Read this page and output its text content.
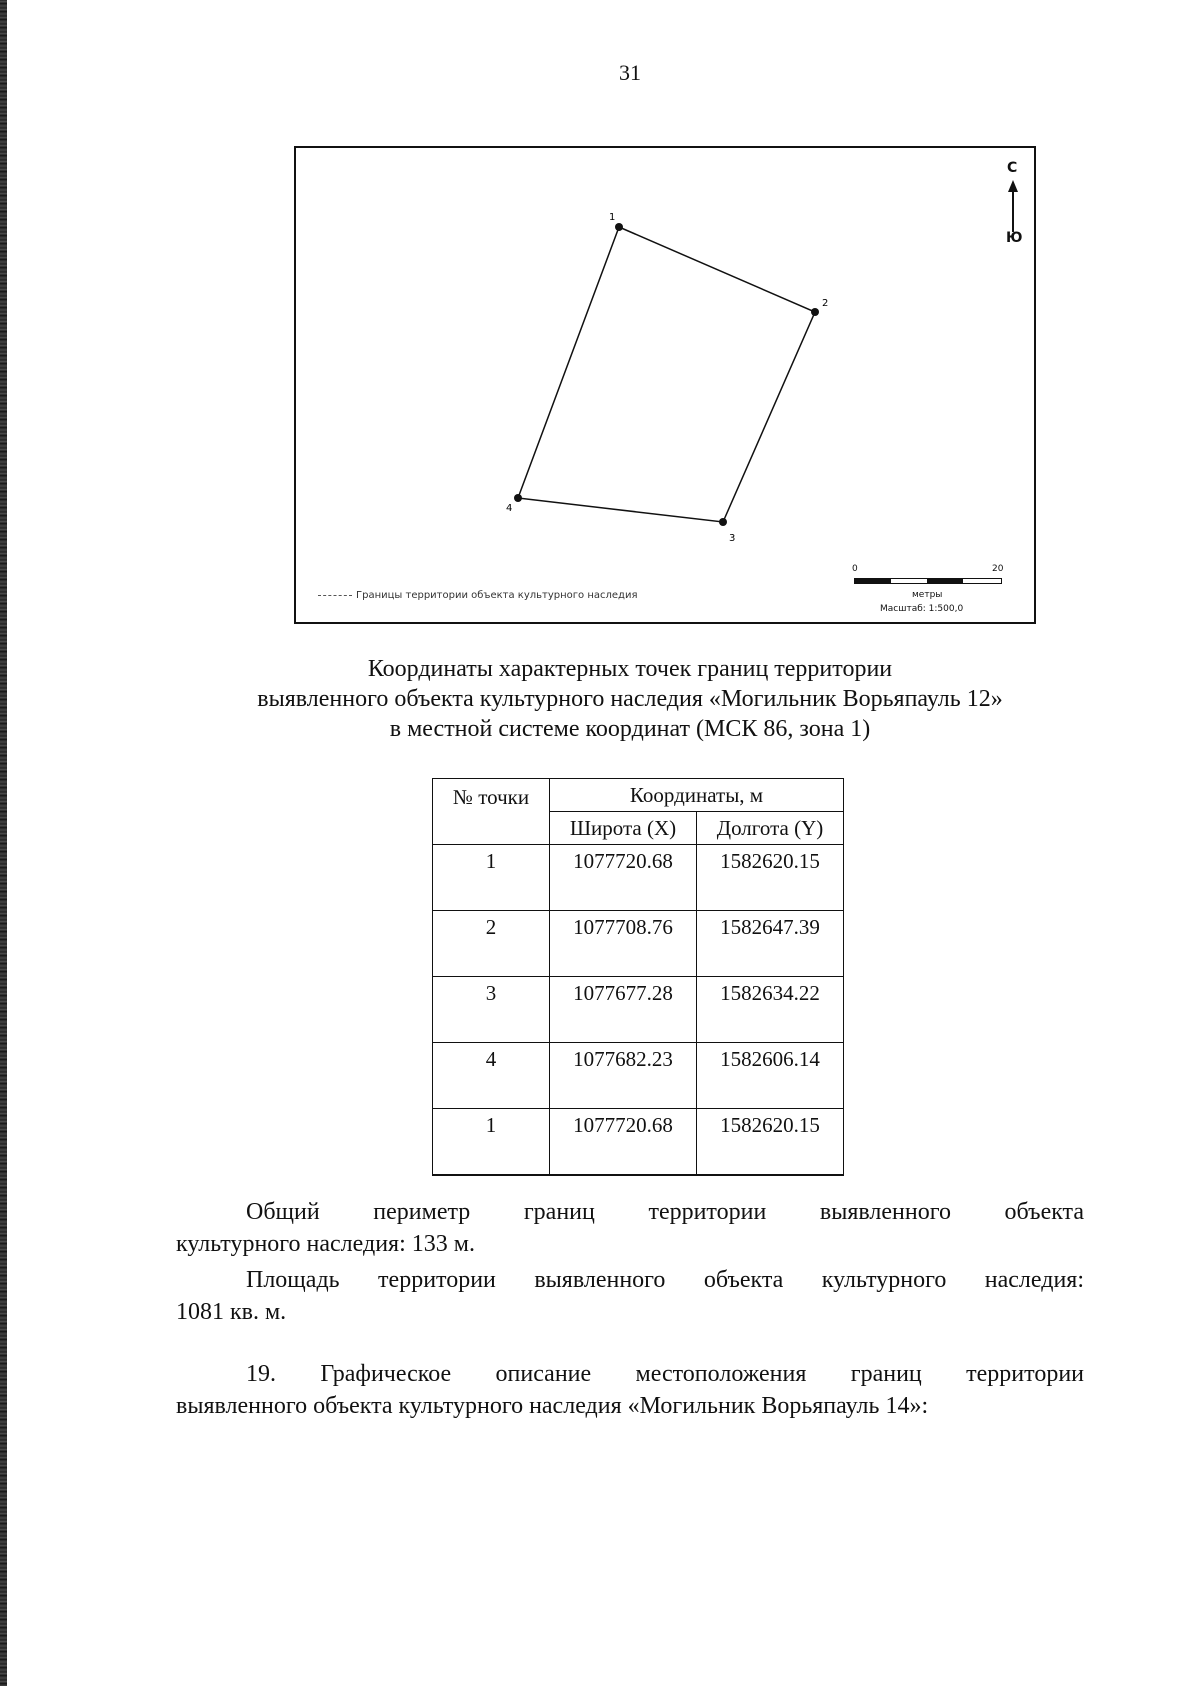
31
1
2
3
4
С
Ю
Границы территории объекта культурного наследия
0	20
метры
Масштаб: 1:500,0
Координаты характерных точек границ территории
выявленного объекта культурного наследия «Могильник Ворьяпауль 12»
в местной системе координат (МСК 86, зона 1)
№ точки	Координаты, м	
	Широта (X)	Долгота (Y)
1	1077720.68	1582620.15
2	1077708.76	1582647.39
3	1077677.28	1582634.22
4	1077682.23	1582606.14
1	1077720.68	1582620.15
Общий периметр границ территории выявленного объекта
культурного наследия: 133 м.
Площадь территории выявленного объекта культурного наследия:
1081 кв. м.
19. Графическое описание местоположения границ территории
выявленного объекта культурного наследия «Могильник Ворьяпауль 14»:
